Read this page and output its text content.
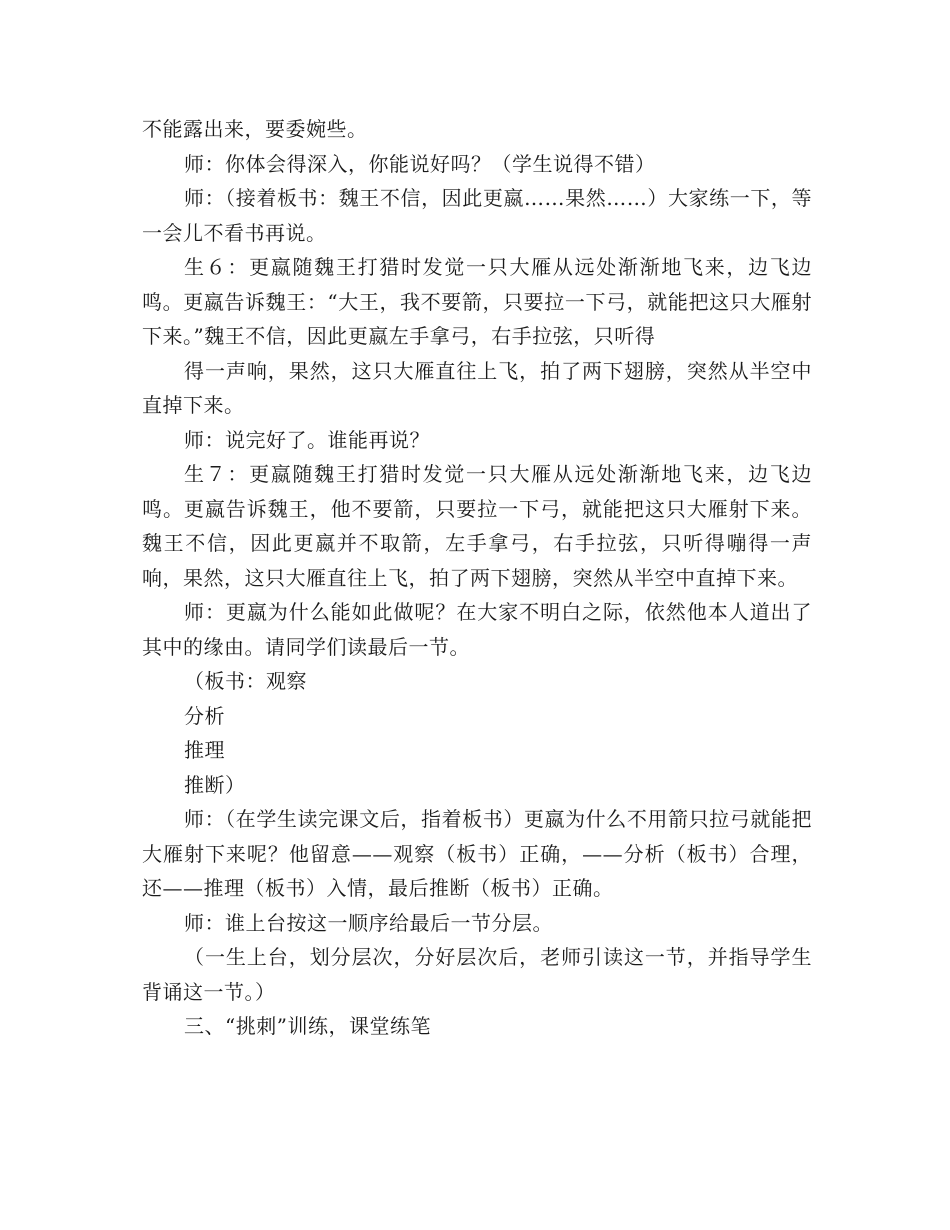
不能露出来，要委婉些。

师：你体会得深入，你能说好吗？（学生说得不错）

师：（接着板书：魏王不信，因此更嬴……果然……）大家练一下，等一会儿不看书再说。

生６：更嬴随魏王打猎时发觉一只大雁从远处渐渐地飞来，边飞边鸣。更嬴告诉魏王：“大王，我不要箭，只要拉一下弓，就能把这只大雁射下来。”魏王不信，因此更嬴左手拿弓，右手拉弦，只听得

得一声响，果然，这只大雁直往上飞，拍了两下翅膀，突然从半空中直掉下来。

师：说完好了。谁能再说？

生７：更嬴随魏王打猎时发觉一只大雁从远处渐渐地飞来，边飞边鸣。更嬴告诉魏王，他不要箭，只要拉一下弓，就能把这只大雁射下来。魏王不信，因此更嬴并不取箭，左手拿弓，右手拉弦，只听得嘣得一声响，果然，这只大雁直往上飞，拍了两下翅膀，突然从半空中直掉下来。

师：更嬴为什么能如此做呢？在大家不明白之际，依然他本人道出了其中的缘由。请同学们读最后一节。

（板书：观察

分析

推理

推断）

师：（在学生读完课文后，指着板书）更嬴为什么不用箭只拉弓就能把大雁射下来呢？他留意——观察（板书）正确，——分析（板书）合理，还——推理（板书）入情，最后推断（板书）正确。

师：谁上台按这一顺序给最后一节分层。

（一生上台，划分层次，分好层次后，老师引读这一节，并指导学生背诵这一节。）

三、“挑刺”训练，课堂练笔
